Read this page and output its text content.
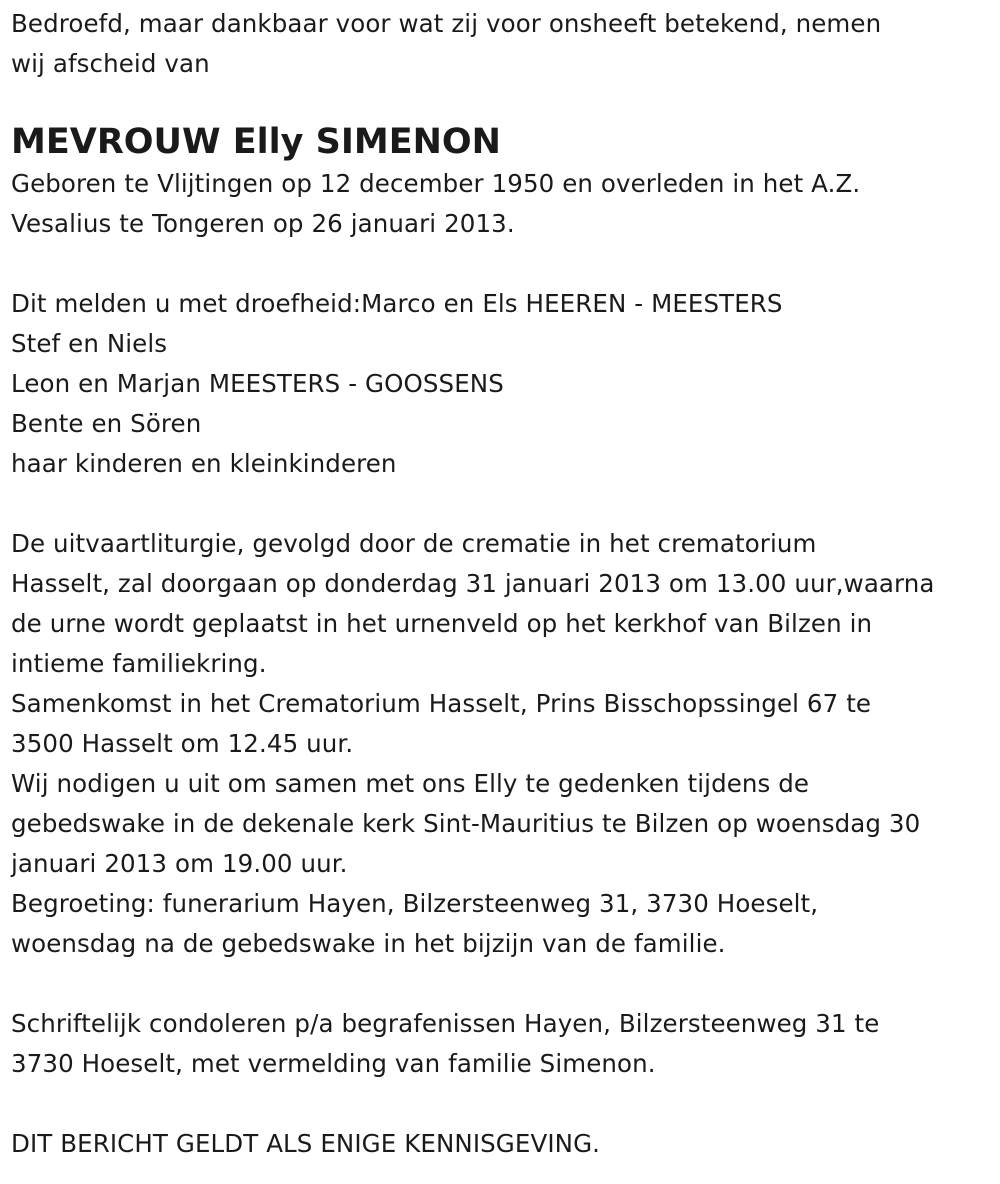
Bedroefd, maar dankbaar voor wat zij voor onsheeft betekend, nemen
wij afscheid van
MEVROUW Elly SIMENON
Geboren te Vlijtingen op 12 december 1950 en overleden in het A.Z.
Vesalius te Tongeren op 26 januari 2013.
Dit melden u met droefheid:Marco en Els HEEREN - MEESTERS
Stef en Niels
Leon en Marjan MEESTERS - GOOSSENS
Bente en Sören
haar kinderen en kleinkinderen
De uitvaartliturgie, gevolgd door de crematie in het crematorium
Hasselt, zal doorgaan op donderdag 31 januari 2013 om 13.00 uur,waarna
de urne wordt geplaatst in het urnenveld op het kerkhof van Bilzen in
intieme familiekring.
Samenkomst in het Crematorium Hasselt, Prins Bisschopssingel 67 te
3500 Hasselt om 12.45 uur.
Wij nodigen u uit om samen met ons Elly te gedenken tijdens de
gebedswake in de dekenale kerk Sint-Mauritius te Bilzen op woensdag 30
januari 2013 om 19.00 uur.
Begroeting: funerarium Hayen, Bilzersteenweg 31, 3730 Hoeselt,
woensdag na de gebedswake in het bijzijn van de familie.
Schriftelijk condoleren p/a begrafenissen Hayen, Bilzersteenweg 31 te
3730 Hoeselt, met vermelding van familie Simenon.
DIT BERICHT GELDT ALS ENIGE KENNISGEVING.
